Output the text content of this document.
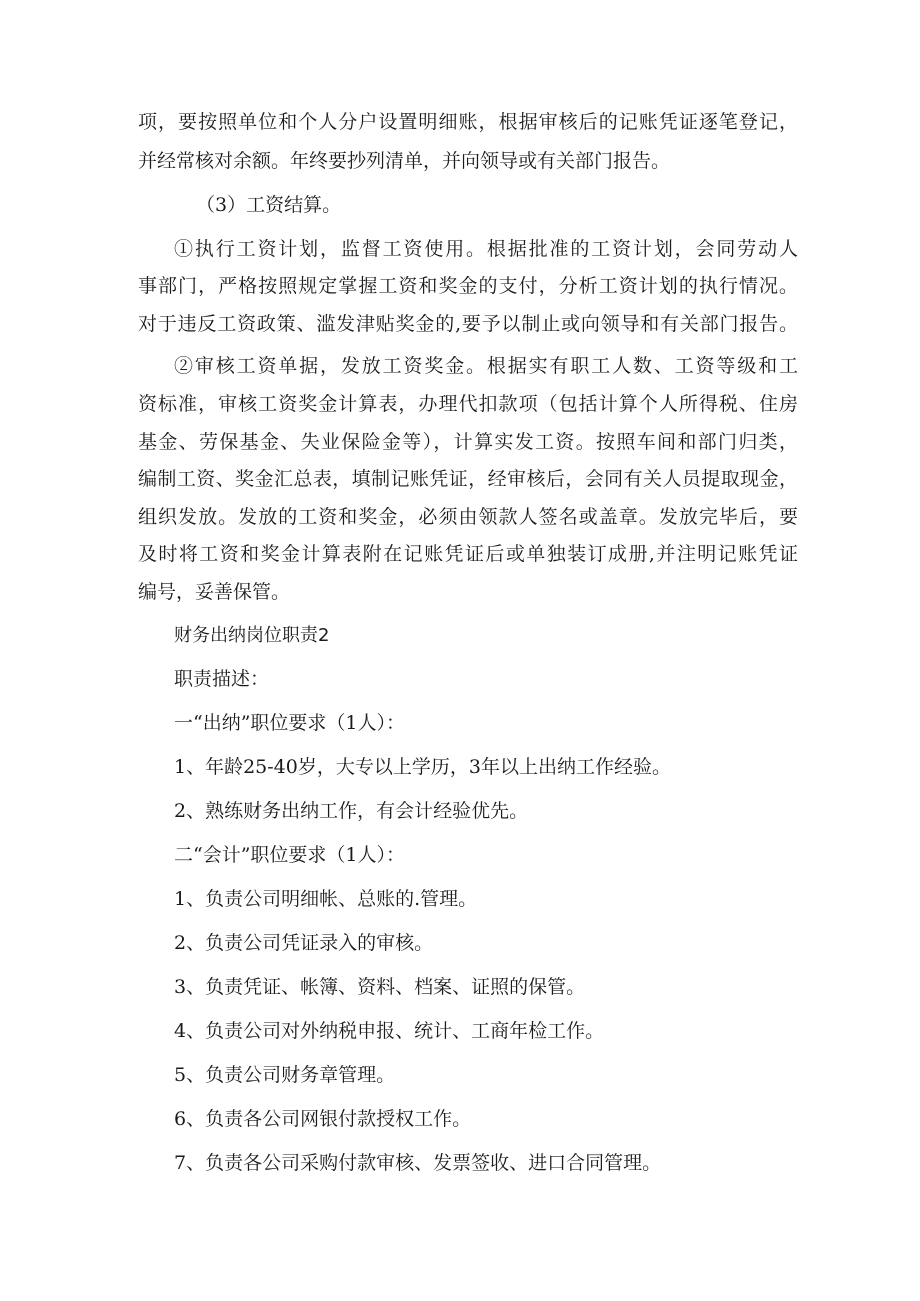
项，要按照单位和个人分户设置明细账，根据审核后的记账凭证逐笔登记，
并经常核对余额。年终要抄列清单，并向领导或有关部门报告。
（3）工资结算。
①执行工资计划，监督工资使用。根据批准的工资计划，会同劳动人
事部门，严格按照规定掌握工资和奖金的支付，分析工资计划的执行情况。
对于违反工资政策、滥发津贴奖金的,要予以制止或向领导和有关部门报告。
②审核工资单据，发放工资奖金。根据实有职工人数、工资等级和工
资标准，审核工资奖金计算表，办理代扣款项（包括计算个人所得税、住房
基金、劳保基金、失业保险金等），计算实发工资。按照车间和部门归类，
编制工资、奖金汇总表，填制记账凭证，经审核后，会同有关人员提取现金，
组织发放。发放的工资和奖金，必须由领款人签名或盖章。发放完毕后，要
及时将工资和奖金计算表附在记账凭证后或单独装订成册,并注明记账凭证
编号，妥善保管。
财务出纳岗位职责2
职责描述：
一“出纳”职位要求（1人）：
1、年龄25-40岁，大专以上学历，3年以上出纳工作经验。
2、熟练财务出纳工作，有会计经验优先。
二“会计”职位要求（1人）：
1、负责公司明细帐、总账的.管理。
2、负责公司凭证录入的审核。
3、负责凭证、帐簿、资料、档案、证照的保管。
4、负责公司对外纳税申报、统计、工商年检工作。
5、负责公司财务章管理。
6、负责各公司网银付款授权工作。
7、负责各公司采购付款审核、发票签收、进口合同管理。
